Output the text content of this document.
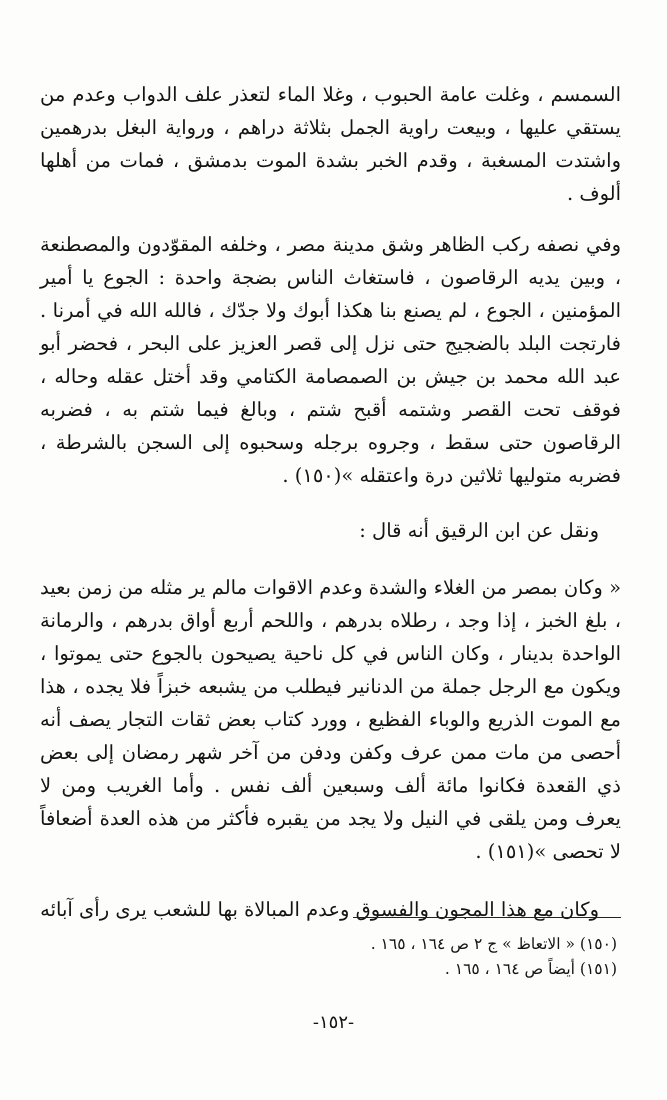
السمسم ، وغلت عامة الحبوب ، وغلا الماء لتعذر علف الدواب وعدم من يستقي عليها ، وبيعت راوية الجمل بثلاثة دراهم ، ورواية البغل بدرهمين واشتدت المسغبة ، وقدم الخبر بشدة الموت بدمشق ، فمات من أهلها ألوف .

وفي نصفه ركب الظاهر وشق مدينة مصر ، وخلفه المقوّدون والمصطنعة ، وبين يديه الرقاصون ، فاستغاث الناس بضجة واحدة : الجوع يا أمير المؤمنين ، الجوع ، لم يصنع بنا هكذا أبوك ولا جدّك ، فالله الله في أمرنا . فارتجت البلد بالضجيج حتى نزل إلى قصر العزيز على البحر ، فحضر أبو عبد الله محمد بن جيش بن الصمصامة الكتامي وقد أختل عقله وحاله ، فوقف تحت القصر وشتمه أقبح شتم ، وبالغ فيما شتم به ، فضربه الرقاصون حتى سقط ، وجروه برجله وسحبوه إلى السجن بالشرطة ، فضربه متوليها ثلاثين درة واعتقله »(١٥٠) .

ونقل عن ابن الرقيق أنه قال :

« وكان بمصر من الغلاء والشدة وعدم الاقوات مالم ير مثله من زمن بعيد ، بلغ الخبز ، إذا وجد ، رطلاه بدرهم ، واللحم أربع أواق بدرهم ، والرمانة الواحدة بدينار ، وكان الناس في كل ناحية يصيحون بالجوع حتى يموتوا ، ويكون مع الرجل جملة من الدنانير فيطلب من يشبعه خبزاً فلا يجده ، هذا مع الموت الذريع والوباء الفظيع ، وورد كتاب بعض ثقات التجار يصف أنه أحصى من مات ممن عرف وكفن ودفن من آخر شهر رمضان إلى بعض ذي القعدة فكانوا مائة ألف وسبعين ألف نفس . وأما الغريب ومن لا يعرف ومن يلقى في النيل ولا يجد من يقبره فأكثر من هذه العدة أضعافاً لا تحصى »(١٥١) .

وكان مع هذا المجون والفسوق وعدم المبالاة بها للشعب يرى رأى آبائه

(١٥٠) « الاتعاظ » ج ٢ ص ١٦٤ ، ١٦٥ .

(١٥١) أيضاً ص ١٦٤ ، ١٦٥ .

-١٥٢-
